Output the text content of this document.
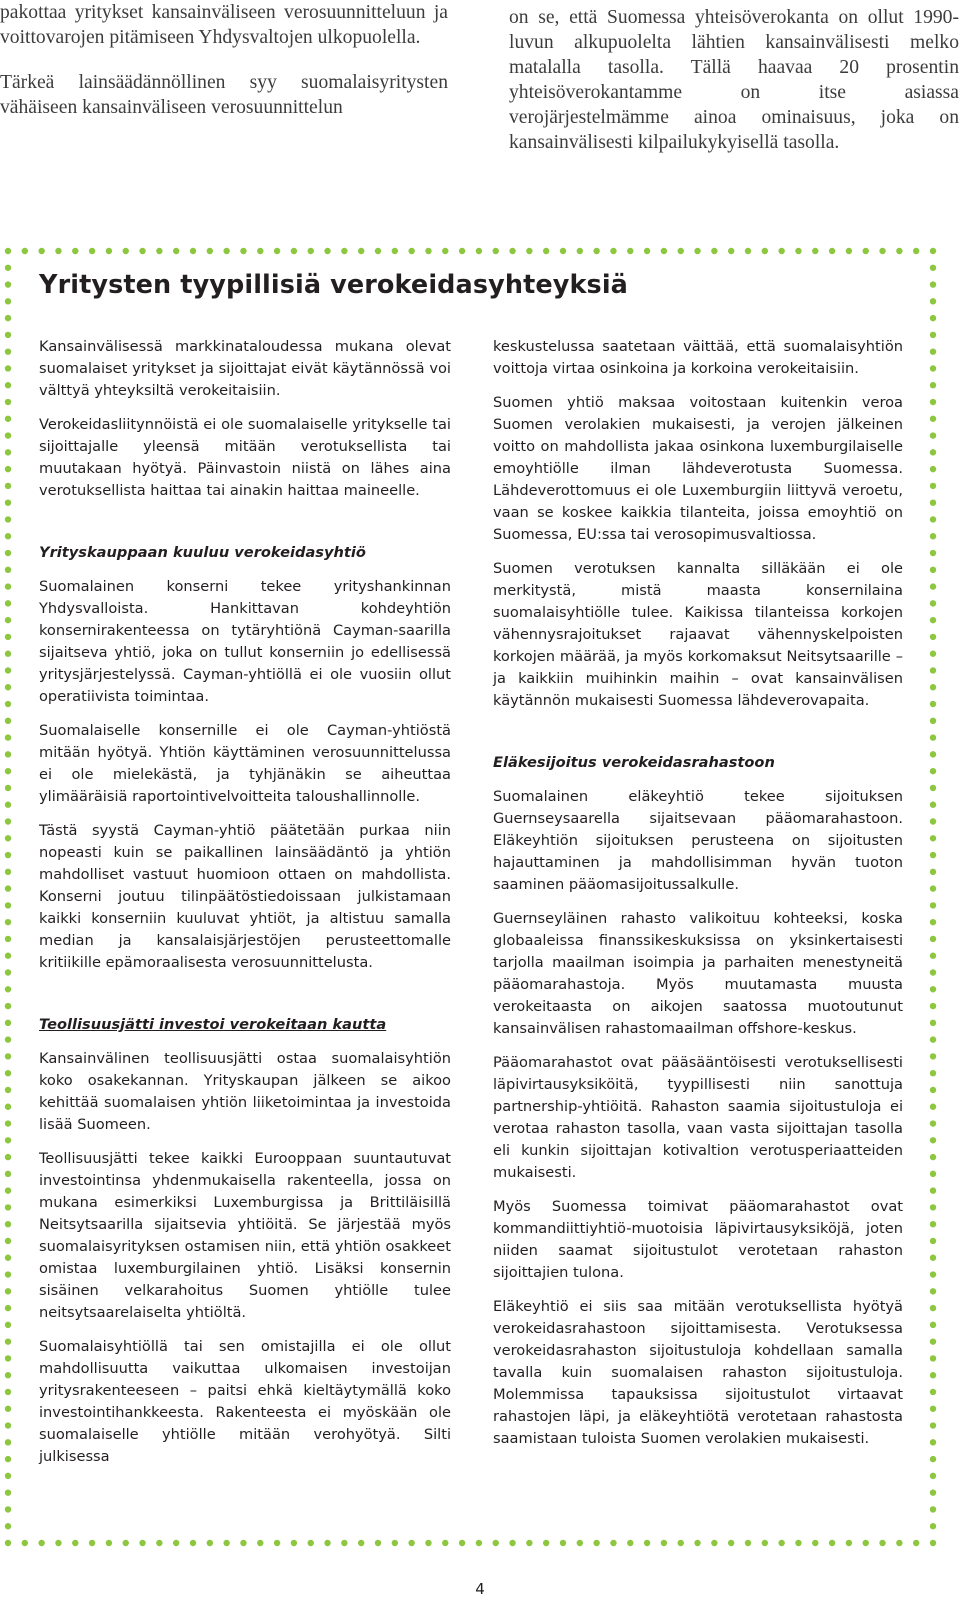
pakottaa yritykset kansainväliseen verosuunnitteluun ja voittovarojen pitämiseen Yhdysvaltojen ulkopuolella.

Tärkeä lainsäädännöllinen syy suomalaisyritysten vähäiseen kansainväliseen verosuunnittelun

on se, että Suomessa yhteisöverokanta on ollut 1990-luvun alkupuolelta lähtien kansainvälisesti melko matalalla tasolla. Tällä haavaa 20 prosentin yhteisöverokantamme on itse asiassa verojärjestelmämme ainoa ominaisuus, joka on kansainvälisesti kilpailukykyisellä tasolla.

Yritysten tyypillisiä verokeidasyhteyksiä

Kansainvälisessä markkinataloudessa mukana olevat suomalaiset yritykset ja sijoittajat eivät käytännössä voi välttyä yhteyksiltä verokeitaisiin.

Verokeidasliitynnöistä ei ole suomalaiselle yritykselle tai sijoittajalle yleensä mitään verotuksellista tai muutakaan hyötyä. Päinvastoin niistä on lähes aina verotuksellista haittaa tai ainakin haittaa maineelle.

Yrityskauppaan kuuluu verokeidasyhtiö

Suomalainen konserni tekee yrityshankinnan Yhdysvalloista. Hankittavan kohdeyhtiön konsernirakenteessa on tytäryhtiönä Cayman-saarilla sijaitseva yhtiö, joka on tullut konserniin jo edellisessä yritysjärjestelyssä. Cayman-yhtiöllä ei ole vuosiin ollut operatiivista toimintaa.

Suomalaiselle konsernille ei ole Cayman-yhtiöstä mitään hyötyä. Yhtiön käyttäminen verosuunnittelussa ei ole mielekästä, ja tyhjänäkin se aiheuttaa ylimääräisiä raportointivelvoitteita taloushallinnolle.

Tästä syystä Cayman-yhtiö päätetään purkaa niin nopeasti kuin se paikallinen lainsäädäntö ja yhtiön mahdolliset vastuut huomioon ottaen on mahdollista. Konserni joutuu tilinpäätöstiedoissaan julkistamaan kaikki konserniin kuuluvat yhtiöt, ja altistuu samalla median ja kansalaisjärjestöjen perusteettomalle kritiikille epämoraalisesta verosuunnittelusta.

Teollisuusjätti investoi verokeitaan kautta

Kansainvälinen teollisuusjätti ostaa suomalaisyhtiön koko osakekannan. Yrityskaupan jälkeen se aikoo kehittää suomalaisen yhtiön liiketoimintaa ja investoida lisää Suomeen.

Teollisuusjätti tekee kaikki Eurooppaan suuntautuvat investointinsa yhdenmukaisella rakenteella, jossa on mukana esimerkiksi Luxemburgissa ja Brittiläisillä Neitsytsaarilla sijaitsevia yhtiöitä. Se järjestää myös suomalaisyrityksen ostamisen niin, että yhtiön osakkeet omistaa luxemburgilainen yhtiö. Lisäksi konsernin sisäinen velkarahoitus Suomen yhtiölle tulee neitsytsaarelaiselta yhtiöltä.

Suomalaisyhtiöllä tai sen omistajilla ei ole ollut mahdollisuutta vaikuttaa ulkomaisen investoijan yritysrakenteeseen – paitsi ehkä kieltäytymällä koko investointihankkeesta. Rakenteesta ei myöskään ole suomalaiselle yhtiölle mitään verohyötyä. Silti julkisessa

keskustelussa saatetaan väittää, että suomalaisyhtiön voittoja virtaa osinkoina ja korkoina verokeitaisiin.

Suomen yhtiö maksaa voitostaan kuitenkin veroa Suomen verolakien mukaisesti, ja verojen jälkeinen voitto on mahdollista jakaa osinkona luxemburgilaiselle emoyhtiölle ilman lähdeverotusta Suomessa. Lähdeverottomuus ei ole Luxemburgiin liittyvä veroetu, vaan se koskee kaikkia tilanteita, joissa emoyhtiö on Suomessa, EU:ssa tai verosopimusvaltiossa.

Suomen verotuksen kannalta silläkään ei ole merkitystä, mistä maasta konsernilaina suomalaisyhtiölle tulee. Kaikissa tilanteissa korkojen vähennysrajoitukset rajaavat vähennyskelpoisten korkojen määrää, ja myös korkomaksut Neitsytsaarille – ja kaikkiin muihinkin maihin – ovat kansainvälisen käytännön mukaisesti Suomessa lähdeverovapaita.

Eläkesijoitus verokeidasrahastoon

Suomalainen eläkeyhtiö tekee sijoituksen Guernseysaarella sijaitsevaan pääomarahastoon. Eläkeyhtiön sijoituksen perusteena on sijoitusten hajauttaminen ja mahdollisimman hyvän tuoton saaminen pääomasijoitussalkulle.

Guernseyläinen rahasto valikoituu kohteeksi, koska globaaleissa finanssikeskuksissa on yksinkertaisesti tarjolla maailman isoimpia ja parhaiten menestyneitä pääomarahastoja. Myös muutamasta muusta verokeitaasta on aikojen saatossa muotoutunut kansainvälisen rahastomaailman offshore-keskus.

Pääomarahastot ovat pääsääntöisesti verotuksellisesti läpivirtausyksiköitä, tyypillisesti niin sanottuja partnership-yhtiöitä. Rahaston saamia sijoitustuloja ei verotaa rahaston tasolla, vaan vasta sijoittajan tasolla eli kunkin sijoittajan kotivaltion verotusperiaatteiden mukaisesti.

Myös Suomessa toimivat pääomarahastot ovat kommandiittiyhtiö-muotoisia läpivirtausyksiköjä, joten niiden saamat sijoitustulot verotetaan rahaston sijoittajien tulona.

Eläkeyhtiö ei siis saa mitään verotuksellista hyötyä verokeidasrahastoon sijoittamisesta. Verotuksessa verokeidasrahaston sijoitustuloja kohdellaan samalla tavalla kuin suomalaisen rahaston sijoitustuloja. Molemmissa tapauksissa sijoitustulot virtaavat rahastojen läpi, ja eläkeyhtiötä verotetaan rahastosta saamistaan tuloista Suomen verolakien mukaisesti.

4
